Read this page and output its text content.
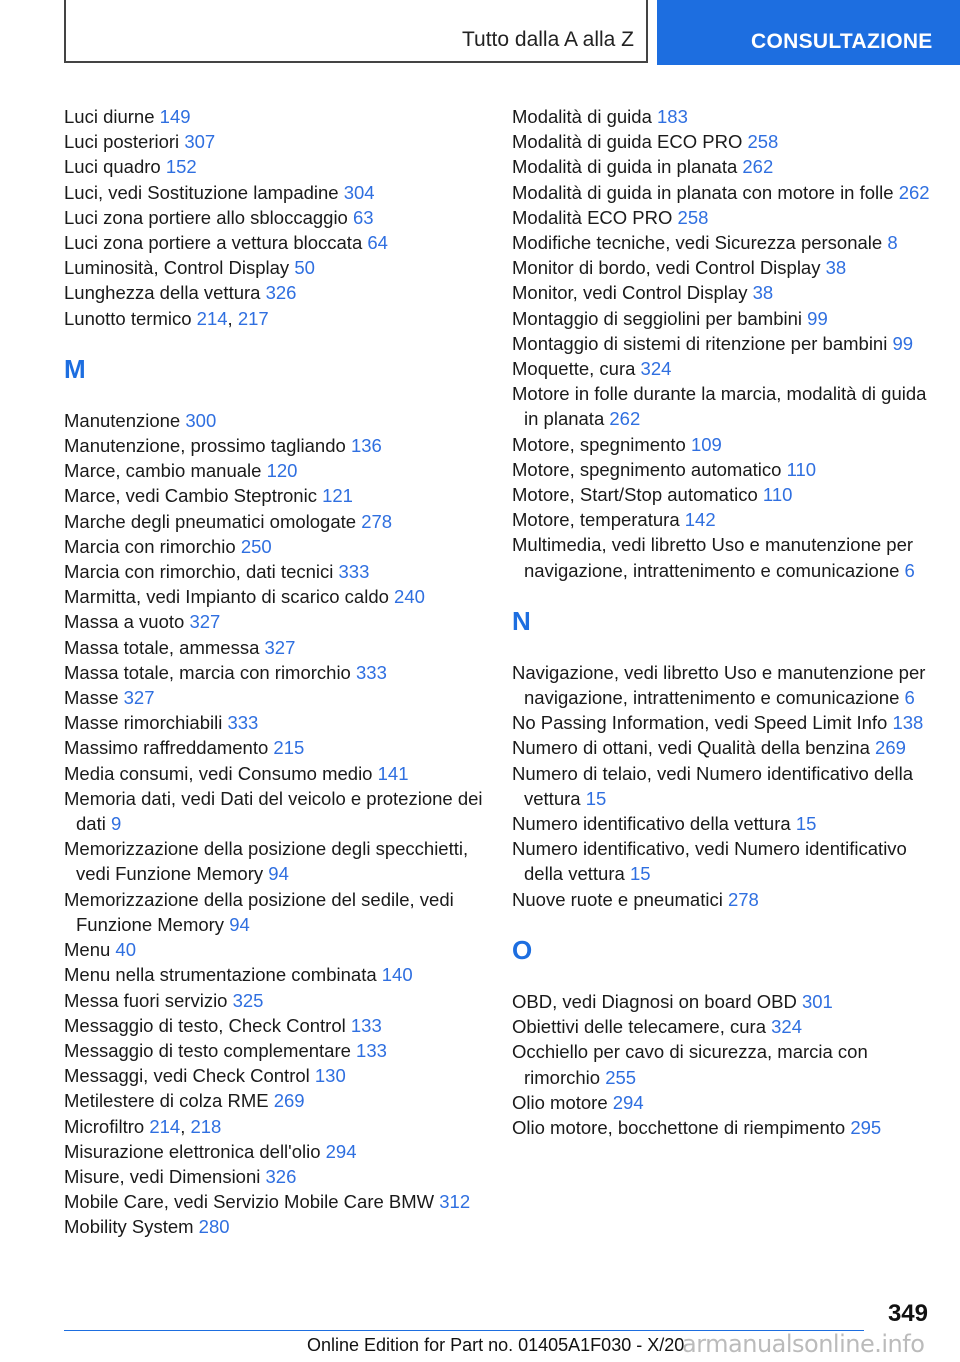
Tutto dalla A alla Z	CONSULTAZIONE
Luci diurne 149
Luci posteriori 307
Luci quadro 152
Luci, vedi Sostituzione lampadine 304
Luci zona portiere allo sbloccaggio 63
Luci zona portiere a vettura bloccata 64
Luminosità, Control Display 50
Lunghezza della vettura 326
Lunotto termico 214, 217
M
Manutenzione 300
Manutenzione, prossimo tagliando 136
Marce, cambio manuale 120
Marce, vedi Cambio Steptronic 121
Marche degli pneumatici omologate 278
Marcia con rimorchio 250
Marcia con rimorchio, dati tecnici 333
Marmitta, vedi Impianto di scarico caldo 240
Massa a vuoto 327
Massa totale, ammessa 327
Massa totale, marcia con rimorchio 333
Masse 327
Masse rimorchiabili 333
Massimo raffreddamento 215
Media consumi, vedi Consumo medio 141
Memoria dati, vedi Dati del veicolo e protezione dei dati 9
Memorizzazione della posizione degli specchietti, vedi Funzione Memory 94
Memorizzazione della posizione del sedile, vedi Funzione Memory 94
Menu 40
Menu nella strumentazione combinata 140
Messa fuori servizio 325
Messaggio di testo, Check Control 133
Messaggio di testo complementare 133
Messaggi, vedi Check Control 130
Metilestere di colza RME 269
Microfiltro 214, 218
Misurazione elettronica dell'olio 294
Misure, vedi Dimensioni 326
Mobile Care, vedi Servizio Mobile Care BMW 312
Mobility System 280
Modalità di guida 183
Modalità di guida ECO PRO 258
Modalità di guida in planata 262
Modalità di guida in planata con motore in folle 262
Modalità ECO PRO 258
Modifiche tecniche, vedi Sicurezza personale 8
Monitor di bordo, vedi Control Display 38
Monitor, vedi Control Display 38
Montaggio di seggiolini per bambini 99
Montaggio di sistemi di ritenzione per bambini 99
Moquette, cura 324
Motore in folle durante la marcia, modalità di guida in planata 262
Motore, spegnimento 109
Motore, spegnimento automatico 110
Motore, Start/Stop automatico 110
Motore, temperatura 142
Multimedia, vedi libretto Uso e manutenzione per navigazione, intrattenimento e comunicazione 6
N
Navigazione, vedi libretto Uso e manutenzione per navigazione, intrattenimento e comunicazione 6
No Passing Information, vedi Speed Limit Info 138
Numero di ottani, vedi Qualità della benzina 269
Numero di telaio, vedi Numero identificativo della vettura 15
Numero identificativo della vettura 15
Numero identificativo, vedi Numero identificativo della vettura 15
Nuove ruote e pneumatici 278
O
OBD, vedi Diagnosi on board OBD 301
Obiettivi delle telecamere, cura 324
Occhiello per cavo di sicurezza, marcia con rimorchio 255
Olio motore 294
Olio motore, bocchettone di riempimento 295
349
Online Edition for Part no. 01405A1F030 - X/20
armanualsonline.info
